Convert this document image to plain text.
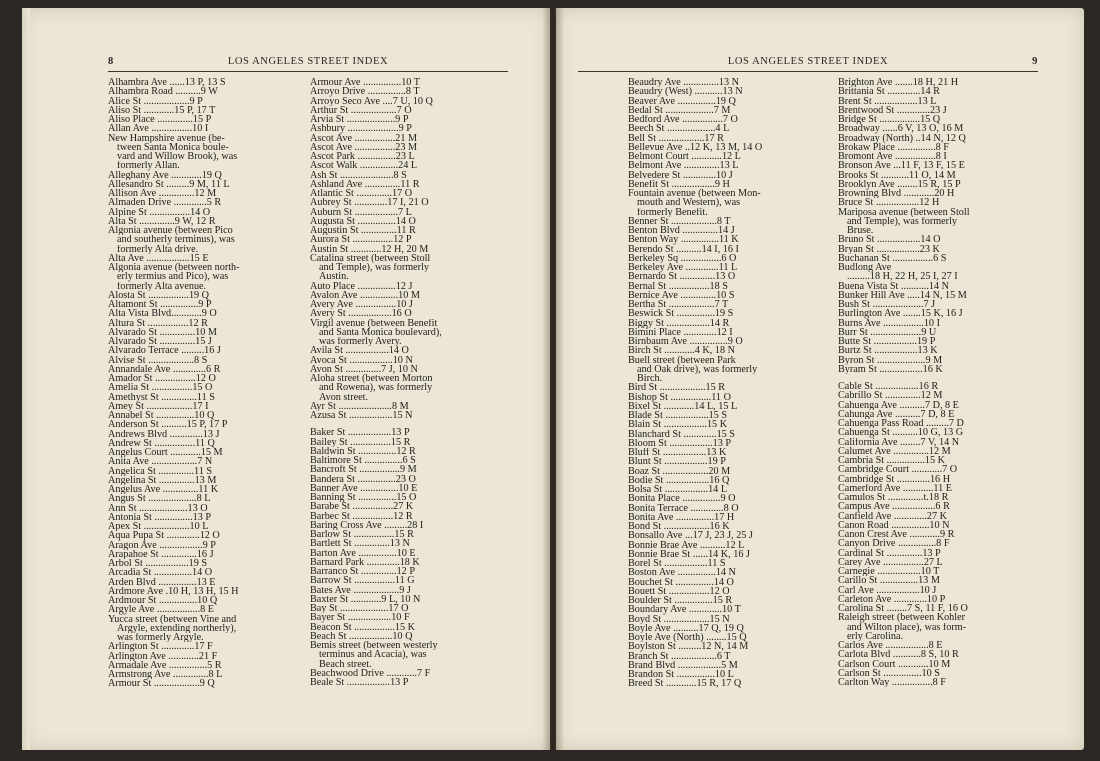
8	LOS ANGELES STREET INDEX
Alhambra Ave ......13 P, 13 S
Alhambra Road ..........9 W
Alice St ..................9 P
Aliso St ............15 P, 17 T
Aliso Place ..............15 P
Allan Ave ................10 I
New Hampshire avenue (be-
tween Santa Monica boule-
vard and Willow Brook), was
formerly Allan.
Alleghany Ave ............19 Q
Allesandro St .........9 M, 11 L
Allison Ave ..............12 M
Almaden Drive .............5 R
Alpine St ................14 O
Alta St ..............9 W, 12 R
Algonia avenue (between Pico
and southerly terminus), was
formerly Alta drive.
Alta Ave .................15 E
Algonia avenue (between north-
erly termius and Pico), was
formerly Alta avenue.
Alosta St ................19 Q
Altamont St ...............9 P
Alta Vista Blvd............9 O
Altura St ................12 R
Alvarado St ..............10 M
Alvarado St ..............15 J
Alvarado Terrace .........16 J
Alvise St ..................8 S
Annandale Ave .............6 R
Amador St ................12 O
Amelia St ................15 O
Amethyst St ..............11 S
Amey St ..................17 I
Annabel St ...............10 Q
Anderson St ..........15 P, 17 P
Andrews Blvd .............13 J
Andrew St ................11 Q
Angelus Court ............15 M
Anita Ave ..................7 N
Angelica St ..............11 S
Angelina St ..............13 M
Angelus Ave ..............11 K
Angus St ...................8 L
Ann St ...................13 O
Antonia St ...............13 P
Apex St ..................10 L
Aqua Pupa St .............12 O
Aragon Ave .................9 P
Arapahoe St ..............16 J
Arbol St .................19 S
Arcadia St ...............14 O
Arden Blvd ...............13 E
Ardmore Ave .10 H, 13 H, 15 H
Ardmour St ...............10 Q
Argyle Ave .................8 E
Yucca street (between Vine and
Argyle, extending northerly),
was formerly Argyle.
Arlington St .............17 F
Arlington Ave ............21 F
Armadale Ave ...............5 R
Armstrong Ave ..............8 L
Armour St ..................9 Q
Armour Ave ...............10 T
Arroyo Drive ...............8 T
Arroyo Seco Ave ....7 U, 10 Q
Arthur St ..................7 O
Arvia St ...................9 P
Ashbury ....................9 P
Ascot Ave ................21 M
Ascot Ave ................23 M
Ascot Park ...............23 L
Ascot Walk ...............24 L
Ash St .....................8 S
Ashland Ave ..............11 R
Atlantic St ..............17 O
Aubrey St .............17 I, 21 O
Auburn St .................7 L
Augusta St ...............14 O
Augustin St ..............11 R
Aurora St ................12 P
Austin St ............12 H, 20 M
Catalina street (between Stoll
and Temple), was formerly
Austin.
Auto Place ...............12 J
Avalon Ave ...............10 M
Avery Ave ................10 J
Avery St .................16 O
Virgil avenue (between Benefit
and Santa Monica boulevard),
was formerly Avery.
Avila St .................14 O
Avoca St .................10 N
Avon St ..............7 J, 10 N
Aloha street (between Morton
and Rowena), was formerly
Avon street.
Ayr St .....................8 M
Azusa St .................15 N
Baker St .................13 P
Bailey St ................15 R
Baldwin St ...............12 R
Baltimore St ...............6 S
Bancroft St ................9 M
Bandera St ...............23 O
Banner Ave ...............10 E
Banning St ...............15 O
Barabe St ................27 K
Barbec St ................12 R
Baring Cross Ave .........28 I
Barlow St ................15 R
Bartlett St ..............13 N
Barton Ave ...............10 E
Barnard Park .............18 K
Barranco St ..............12 P
Barrow St ................11 G
Bates Ave ..................9 J
Baxter St ............9 L, 10 N
Bay St ...................17 O
Bayer St .................10 F
Beacon St ................15 K
Beach St .................10 Q
Bemis street (between westerly
terminus and Acacia), was
Beach street.
Beachwood Drive ............7 F
Beale St .................13 P
LOS ANGELES STREET INDEX	9
Beaudry Ave ..............13 N
Beaudry (West) ...........13 N
Beaver Ave ...............19 Q
Bedal St ...................7 M
Bedford Ave ................7 O
Beech St ...................4 L
Bell St ..................17 R
Bellevue Ave ..12 K, 13 M, 14 O
Belmont Court ............12 L
Belmont Ave ..............13 L
Belvedere St .............10 J
Benefit St .................9 H
Fountain avenue (between Mon-
mouth and Western), was
formerly Benefit.
Benner St ..................8 T
Benton Blvd ..............14 J
Benton Way ...............11 K
Berendo St ..........14 I, 16 I
Berkeley Sq ................6 O
Berkeley Ave .............11 L
Bernardo St ..............13 O
Bernal St ................18 S
Bernice Ave ..............10 S
Bertha St ..................7 T
Beswick St ...............19 S
Biggy St .................14 R
Bimini Place .............12 I
Birnbaum Ave ...............9 O
Birch St ............4 K, 18 N
Buell street (between Park
and Oak drive), was formerly
Birch.
Bird St ..................15 R
Bishop St ................11 O
Bixel St ............14 L, 15 L
Blade St .................15 S
Blain St .................15 K
Blanchard St .............15 S
Bloom St .................13 P
Bluff St .................13 K
Blunt St .................19 P
Boaz St ..................20 M
Bodie St .................16 Q
Bolsa St .................14 L
Bonita Place ...............9 O
Bonita Terrace .............8 O
Bonita Ave ...............17 H
Bond St ..................16 K
Bonsallo Ave ...17 J, 23 J, 25 J
Bonnie Brae Ave ..........12 L
Bonnie Brae St ......14 K, 16 J
Borel St .................11 S
Boston Ave ...............14 N
Bouchet St ...............14 O
Bouett St ................12 O
Boulder St ...............15 R
Boundary Ave .............10 T
Boyd St ..................15 N
Boyle Ave ..........17 Q, 19 Q
Boyle Ave (North) ........15 Q
Boylston St .........12 N, 14 M
Branch St ..................6 T
Brand Blvd .................5 M
Brandon St ...............10 L
Breed St ............15 R, 17 Q
Brighton Ave .......18 H, 21 H
Brittania St .............14 R
Brent St .................13 L
Brentwood St .............23 J
Bridge St ................15 Q
Broadway ......6 V, 13 O, 16 M
Broadway (North) ..14 N, 12 Q
Brokaw Place ...............8 F
Bromont Ave ................8 I
Bronson Ave ...11 F, 13 F, 15 E
Brooks St ...........11 O, 14 M
Brooklyn Ave ........15 R, 15 P
Browning Blvd ............20 H
Bruce St .................12 H
Mariposa avenue (between Stoll
and Temple), was formerly
Bruse.
Bruno St .................14 O
Bryan St .................23 K
Buchanan St ................6 S
Budlong Ave
.........18 H, 22 H, 25 I, 27 I
Buena Vista St ...........14 N
Bunker Hill Ave .....14 N, 15 M
Bush St ....................7 J
Burlington Ave .......15 K, 16 J
Burns Ave ................10 I
Burr St ....................9 U
Butte St .................19 P
Burtz St .................13 K
Byron St ...................9 M
Byram St .................16 K
Cable St .................16 R
Cabrillo St ..............12 M
Cahuenga Ave ..........7 D, 8 E
Cahunga Ave ..........7 D, 8 E
Cahuenga Pass Road .........7 D
Cahuenga St ..........10 G, 13 G
California Ave ........7 V, 14 N
Calumet Ave ..............12 M
Cambria St ...............15 K
Cambridge Court ............7 O
Cambridge St .............16 H
Camerford Ave ............11 E
Camulos St ..............t.18 R
Campus Ave .................6 R
Canfield Ave .............27 K
Canon Road ...............10 N
Canon Crest Ave ............9 R
Canyon Drive ...............8 F
Cardinal St ..............13 P
Carey Ave ................27 L
Carnegie .................10 T
Carillo St ...............13 M
Carl Ave .................10 J
Carleton Ave .............10 P
Carolina St ........7 S, 11 F, 16 O
Raleigh street (between Kohler
and Wilton place), was form-
erly Carolina.
Carlos Ave .................8 E
Carlota Blvd ...........8 S, 10 R
Carlson Court ............10 M
Carlson St ...............10 S
Carlton Way ................8 F
